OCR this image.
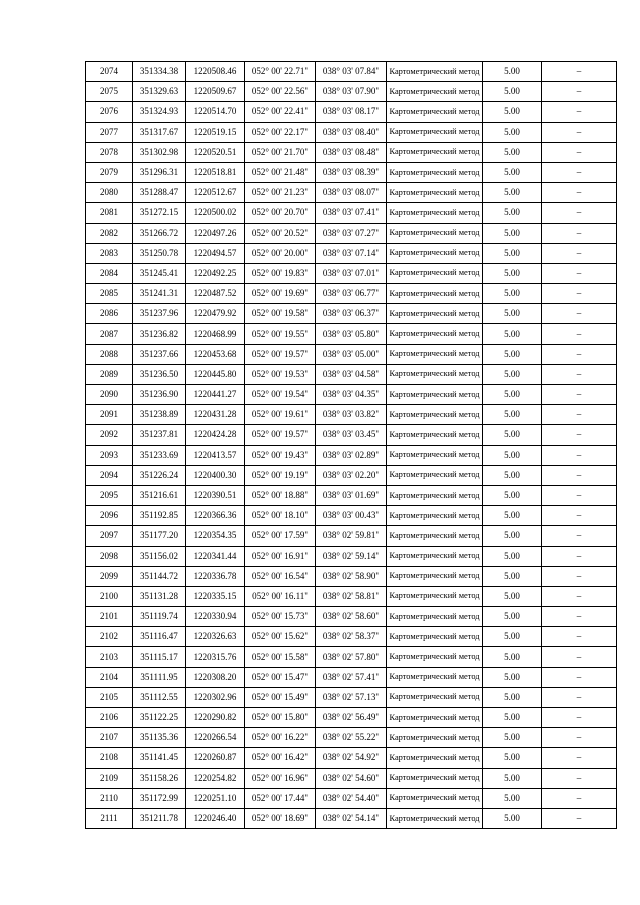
2074	351334.38	1220508.46	052° 00' 22.71"	038° 03' 07.84"	Картометрический метод	5.00	–
2075	351329.63	1220509.67	052° 00' 22.56"	038° 03' 07.90"	Картометрический метод	5.00	–
2076	351324.93	1220514.70	052° 00' 22.41"	038° 03' 08.17"	Картометрический метод	5.00	–
2077	351317.67	1220519.15	052° 00' 22.17"	038° 03' 08.40"	Картометрический метод	5.00	–
2078	351302.98	1220520.51	052° 00' 21.70"	038° 03' 08.48"	Картометрический метод	5.00	–
2079	351296.31	1220518.81	052° 00' 21.48"	038° 03' 08.39"	Картометрический метод	5.00	–
2080	351288.47	1220512.67	052° 00' 21.23"	038° 03' 08.07"	Картометрический метод	5.00	–
2081	351272.15	1220500.02	052° 00' 20.70"	038° 03' 07.41"	Картометрический метод	5.00	–
2082	351266.72	1220497.26	052° 00' 20.52"	038° 03' 07.27"	Картометрический метод	5.00	–
2083	351250.78	1220494.57	052° 00' 20.00"	038° 03' 07.14"	Картометрический метод	5.00	–
2084	351245.41	1220492.25	052° 00' 19.83"	038° 03' 07.01"	Картометрический метод	5.00	–
2085	351241.31	1220487.52	052° 00' 19.69"	038° 03' 06.77"	Картометрический метод	5.00	–
2086	351237.96	1220479.92	052° 00' 19.58"	038° 03' 06.37"	Картометрический метод	5.00	–
2087	351236.82	1220468.99	052° 00' 19.55"	038° 03' 05.80"	Картометрический метод	5.00	–
2088	351237.66	1220453.68	052° 00' 19.57"	038° 03' 05.00"	Картометрический метод	5.00	–
2089	351236.50	1220445.80	052° 00' 19.53"	038° 03' 04.58"	Картометрический метод	5.00	–
2090	351236.90	1220441.27	052° 00' 19.54"	038° 03' 04.35"	Картометрический метод	5.00	–
2091	351238.89	1220431.28	052° 00' 19.61"	038° 03' 03.82"	Картометрический метод	5.00	–
2092	351237.81	1220424.28	052° 00' 19.57"	038° 03' 03.45"	Картометрический метод	5.00	–
2093	351233.69	1220413.57	052° 00' 19.43"	038° 03' 02.89"	Картометрический метод	5.00	–
2094	351226.24	1220400.30	052° 00' 19.19"	038° 03' 02.20"	Картометрический метод	5.00	–
2095	351216.61	1220390.51	052° 00' 18.88"	038° 03' 01.69"	Картометрический метод	5.00	–
2096	351192.85	1220366.36	052° 00' 18.10"	038° 03' 00.43"	Картометрический метод	5.00	–
2097	351177.20	1220354.35	052° 00' 17.59"	038° 02' 59.81"	Картометрический метод	5.00	–
2098	351156.02	1220341.44	052° 00' 16.91"	038° 02' 59.14"	Картометрический метод	5.00	–
2099	351144.72	1220336.78	052° 00' 16.54"	038° 02' 58.90"	Картометрический метод	5.00	–
2100	351131.28	1220335.15	052° 00' 16.11"	038° 02' 58.81"	Картометрический метод	5.00	–
2101	351119.74	1220330.94	052° 00' 15.73"	038° 02' 58.60"	Картометрический метод	5.00	–
2102	351116.47	1220326.63	052° 00' 15.62"	038° 02' 58.37"	Картометрический метод	5.00	–
2103	351115.17	1220315.76	052° 00' 15.58"	038° 02' 57.80"	Картометрический метод	5.00	–
2104	351111.95	1220308.20	052° 00' 15.47"	038° 02' 57.41"	Картометрический метод	5.00	–
2105	351112.55	1220302.96	052° 00' 15.49"	038° 02' 57.13"	Картометрический метод	5.00	–
2106	351122.25	1220290.82	052° 00' 15.80"	038° 02' 56.49"	Картометрический метод	5.00	–
2107	351135.36	1220266.54	052° 00' 16.22"	038° 02' 55.22"	Картометрический метод	5.00	–
2108	351141.45	1220260.87	052° 00' 16.42"	038° 02' 54.92"	Картометрический метод	5.00	–
2109	351158.26	1220254.82	052° 00' 16.96"	038° 02' 54.60"	Картометрический метод	5.00	–
2110	351172.99	1220251.10	052° 00' 17.44"	038° 02' 54.40"	Картометрический метод	5.00	–
2111	351211.78	1220246.40	052° 00' 18.69"	038° 02' 54.14"	Картометрический метод	5.00	–
